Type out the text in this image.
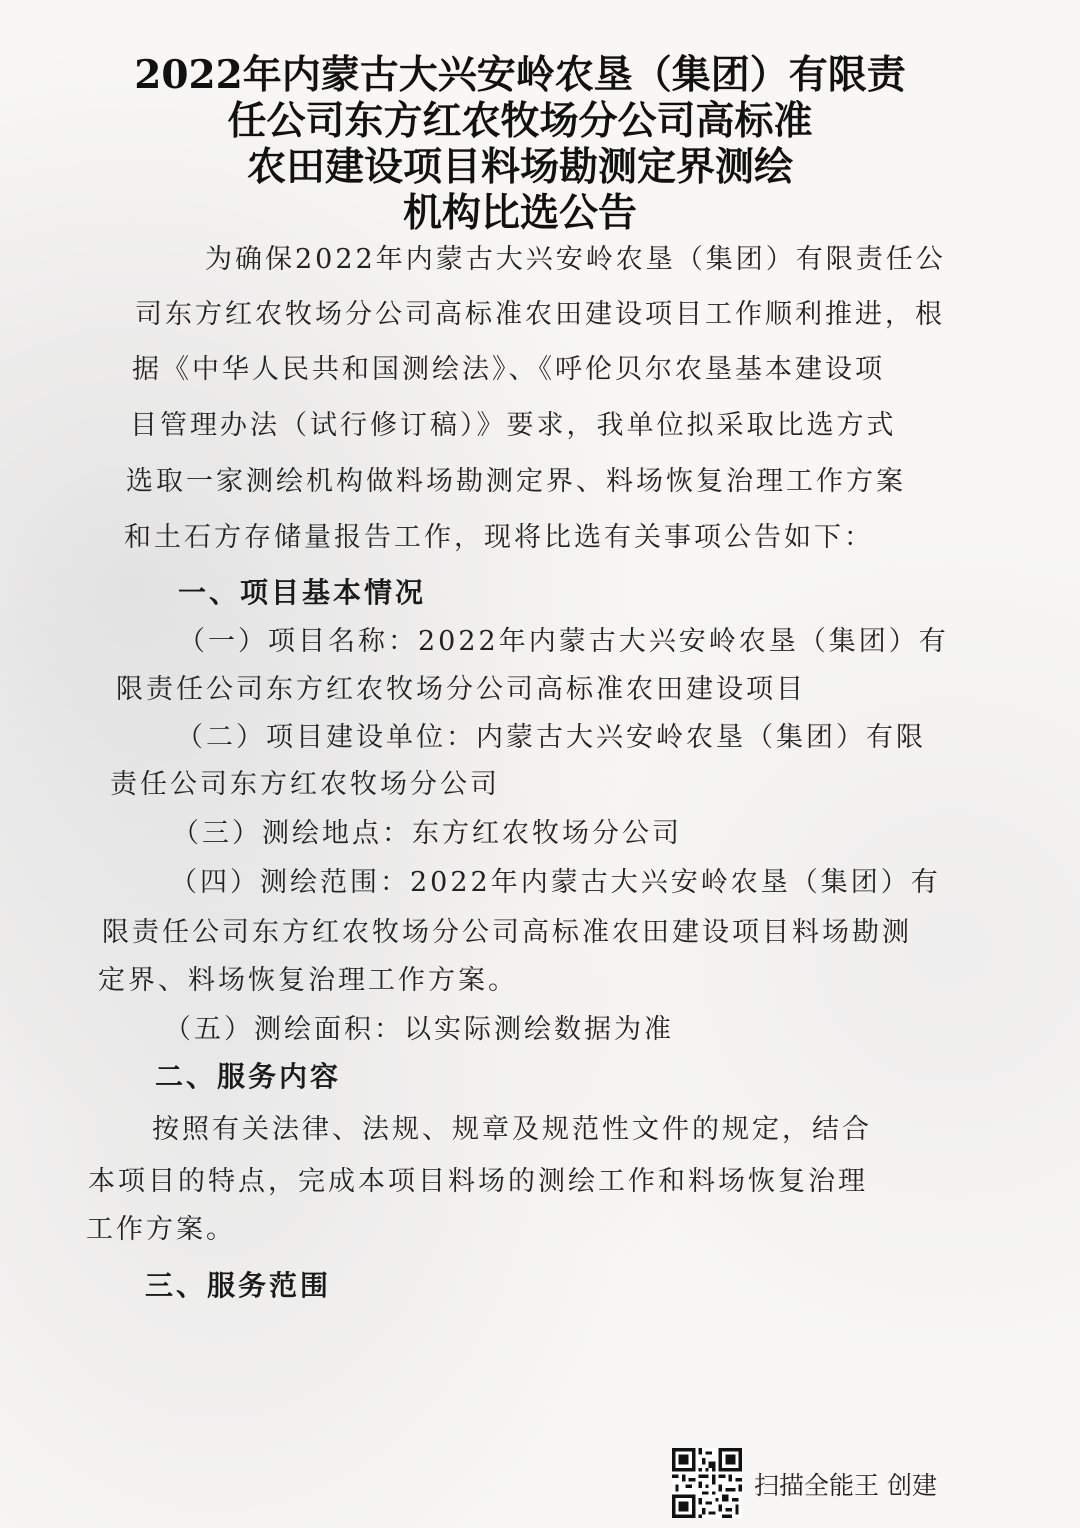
2022年内蒙古大兴安岭农垦（集团）有限责
任公司东方红农牧场分公司高标准
农田建设项目料场勘测定界测绘
机构比选公告
为确保2022年内蒙古大兴安岭农垦（集团）有限责任公
司东方红农牧场分公司高标准农田建设项目工作顺利推进，根
据《中华人民共和国测绘法》、《呼伦贝尔农垦基本建设项
目管理办法（试行修订稿）》要求，我单位拟采取比选方式
选取一家测绘机构做料场勘测定界、料场恢复治理工作方案
和土石方存储量报告工作，现将比选有关事项公告如下：
一、项目基本情况
（一）项目名称：2022年内蒙古大兴安岭农垦（集团）有
限责任公司东方红农牧场分公司高标准农田建设项目
（二）项目建设单位：内蒙古大兴安岭农垦（集团）有限
责任公司东方红农牧场分公司
（三）测绘地点：东方红农牧场分公司
（四）测绘范围：2022年内蒙古大兴安岭农垦（集团）有
限责任公司东方红农牧场分公司高标准农田建设项目料场勘测
定界、料场恢复治理工作方案。
（五）测绘面积：以实际测绘数据为准
二、服务内容
按照有关法律、法规、规章及规范性文件的规定，结合
本项目的特点，完成本项目料场的测绘工作和料场恢复治理
工作方案。
三、服务范围
扫描全能王 创建
